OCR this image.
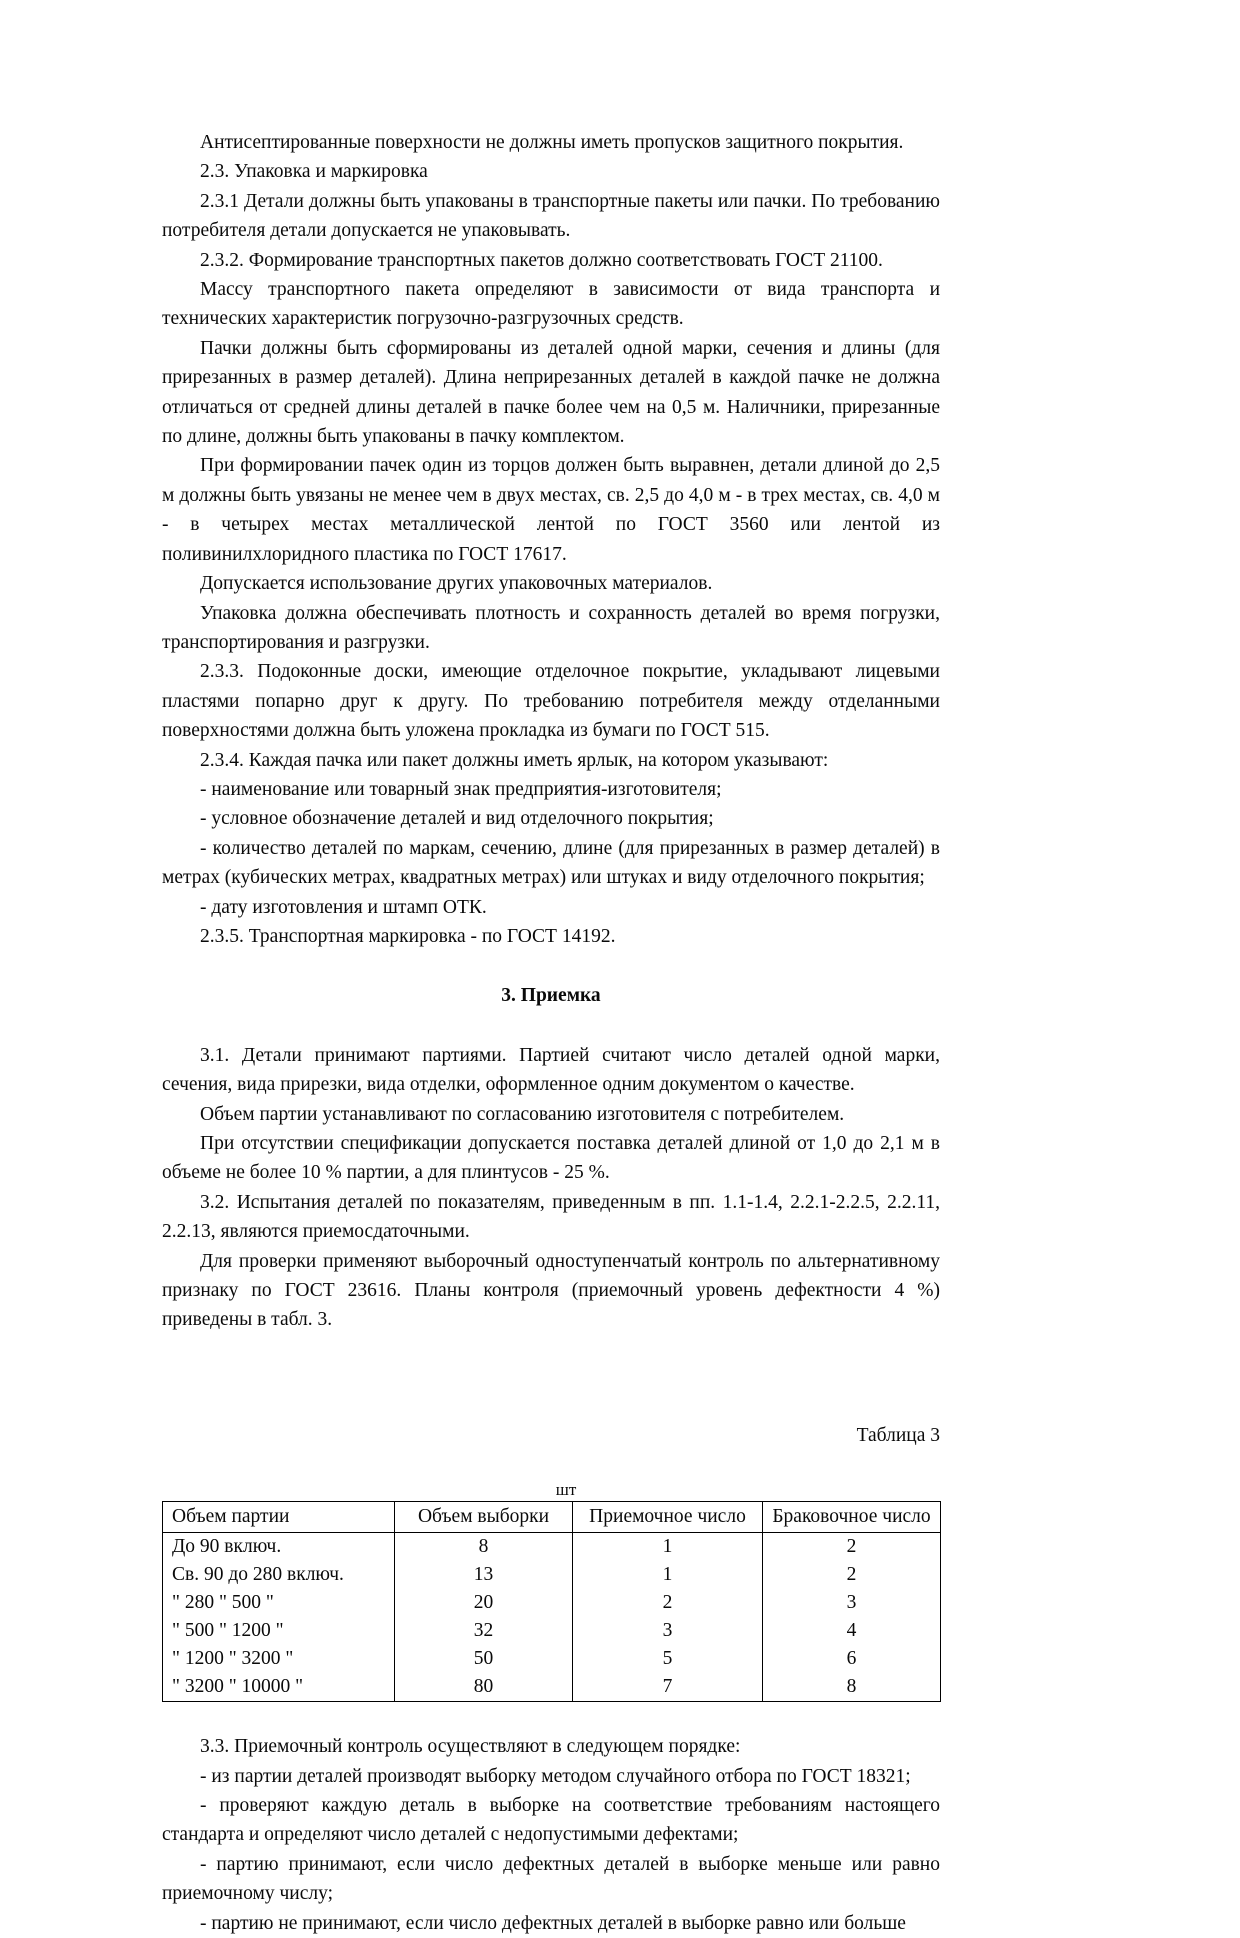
Антисептированные поверхности не должны иметь пропусков защитного покрытия.

2.3. Упаковка и маркировка

2.3.1 Детали должны быть упакованы в транспортные пакеты или пачки. По требованию потребителя детали допускается не упаковывать.

2.3.2. Формирование транспортных пакетов должно соответствовать ГОСТ 21100.

Массу транспортного пакета определяют в зависимости от вида транспорта и технических характеристик погрузочно-разгрузочных средств.

Пачки должны быть сформированы из деталей одной марки, сечения и длины (для прирезанных в размер деталей). Длина неприрезанных деталей в каждой пачке не должна отличаться от средней длины деталей в пачке более чем на 0,5 м. Наличники, прирезанные по длине, должны быть упакованы в пачку комплектом.

При формировании пачек один из торцов должен быть выравнен, детали длиной до 2,5 м должны быть увязаны не менее чем в двух местах, св. 2,5 до 4,0 м - в трех местах, св. 4,0 м - в четырех местах металлической лентой по ГОСТ 3560 или лентой из поливинилхлоридного пластика по ГОСТ 17617.

Допускается использование других упаковочных материалов.

Упаковка должна обеспечивать плотность и сохранность деталей во время погрузки, транспортирования и разгрузки.

2.3.3. Подоконные доски, имеющие отделочное покрытие, укладывают лицевыми пластями попарно друг к другу. По требованию потребителя между отделанными поверхностями должна быть уложена прокладка из бумаги по ГОСТ 515.

2.3.4. Каждая пачка или пакет должны иметь ярлык, на котором указывают:

- наименование или товарный знак предприятия-изготовителя;

- условное обозначение деталей и вид отделочного покрытия;

- количество деталей по маркам, сечению, длине (для прирезанных в размер деталей) в метрах (кубических метрах, квадратных метрах) или штуках и виду отделочного покрытия;

- дату изготовления и штамп ОТК.

2.3.5. Транспортная маркировка - по ГОСТ 14192.

3. Приемка

3.1. Детали принимают партиями. Партией считают число деталей одной марки, сечения, вида прирезки, вида отделки, оформленное одним документом о качестве.

Объем партии устанавливают по согласованию изготовителя с потребителем.

При отсутствии спецификации допускается поставка деталей длиной от 1,0 до 2,1 м в объеме не более 10 % партии, а для плинтусов - 25 %.

3.2. Испытания деталей по показателям, приведенным в пп. 1.1-1.4, 2.2.1-2.2.5, 2.2.11, 2.2.13, являются приемосдаточными.

Для проверки применяют выборочный одноступенчатый контроль по альтернативному признаку по ГОСТ 23616. Планы контроля (приемочный уровень дефектности 4 %) приведены в табл. 3.

Таблица 3

шт

Объем партии	Объем выборки	Приемочное число	Браковочное число
До 90 включ.	8	1	2
Св. 90 до 280 включ.	13	1	2
" 280 " 500 "	20	2	3
" 500 " 1200 "	32	3	4
" 1200 " 3200 "	50	5	6
" 3200 " 10000 "	80	7	8

3.3. Приемочный контроль осуществляют в следующем порядке:

- из партии деталей производят выборку методом случайного отбора по ГОСТ 18321;

- проверяют каждую деталь в выборке на соответствие требованиям настоящего стандарта и определяют число деталей с недопустимыми дефектами;

- партию принимают, если число дефектных деталей в выборке меньше или равно приемочному числу;

- партию не принимают, если число дефектных деталей в выборке равно или больше
